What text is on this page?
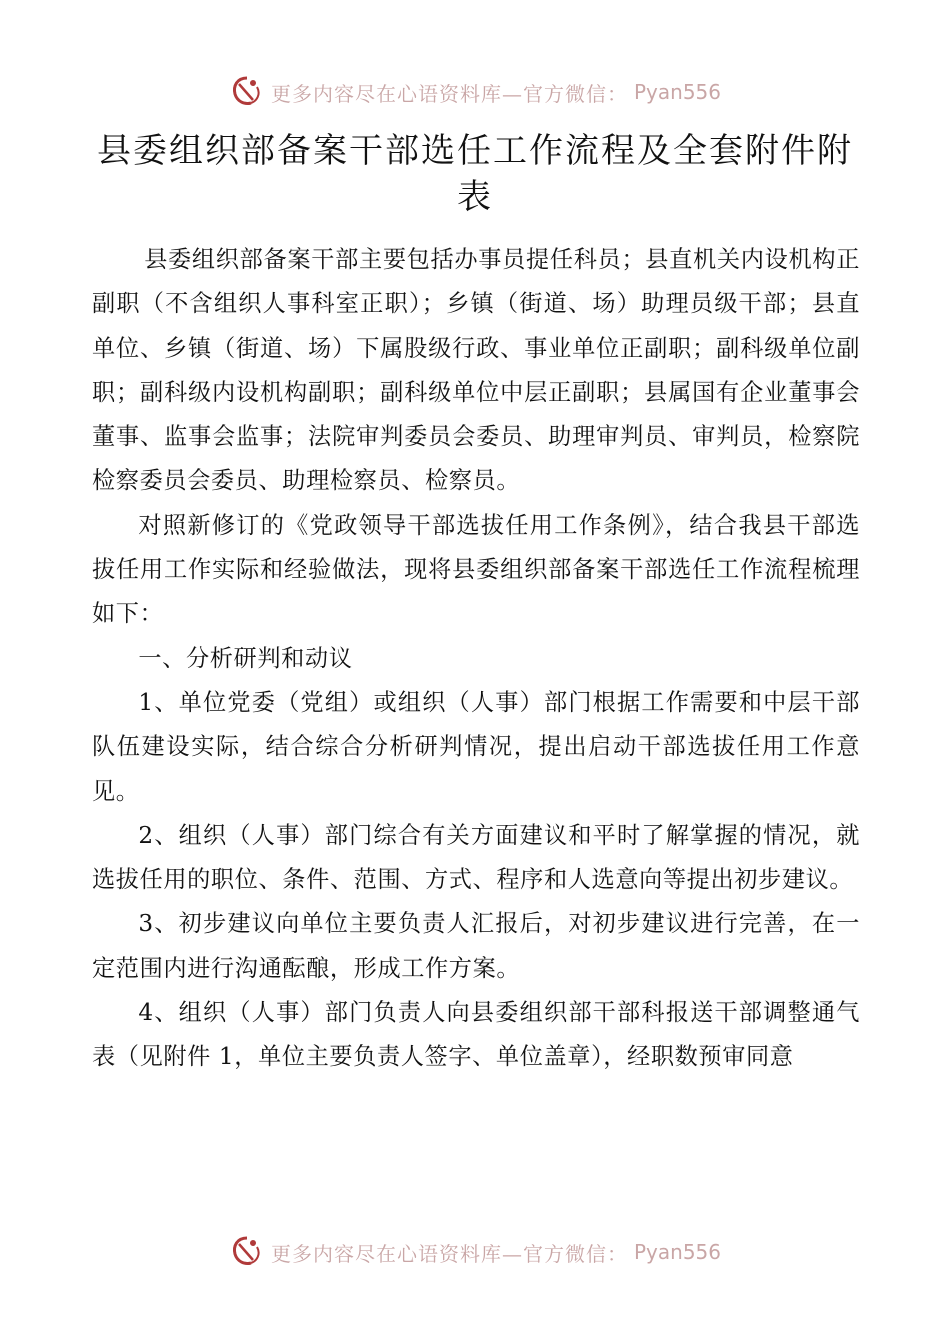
更多内容尽在心语资料库—官方微信： Pyan556
县委组织部备案干部选任工作流程及全套附件附表

县委组织部备案干部主要包括办事员提任科员；县直机关内设机构正副职（不含组织人事科室正职）；乡镇（街道、场）助理员级干部；县直单位、乡镇（街道、场）下属股级行政、事业单位正副职；副科级单位副职；副科级内设机构副职；副科级单位中层正副职；县属国有企业董事会董事、监事会监事；法院审判委员会委员、助理审判员、审判员，检察院检察委员会委员、助理检察员、检察员。

对照新修订的《党政领导干部选拔任用工作条例》，结合我县干部选拔任用工作实际和经验做法，现将县委组织部备案干部选任工作流程梳理如下：

一、分析研判和动议

1、单位党委（党组）或组织（人事）部门根据工作需要和中层干部队伍建设实际，结合综合分析研判情况，提出启动干部选拔任用工作意见。

2、组织（人事）部门综合有关方面建议和平时了解掌握的情况，就选拔任用的职位、条件、范围、方式、程序和人选意向等提出初步建议。

3、初步建议向单位主要负责人汇报后，对初步建议进行完善，在一定范围内进行沟通酝酿，形成工作方案。

4、组织（人事）部门负责人向县委组织部干部科报送干部调整通气表（见附件 1，单位主要负责人签字、单位盖章），经职数预审同意

更多内容尽在心语资料库—官方微信： Pyan556
